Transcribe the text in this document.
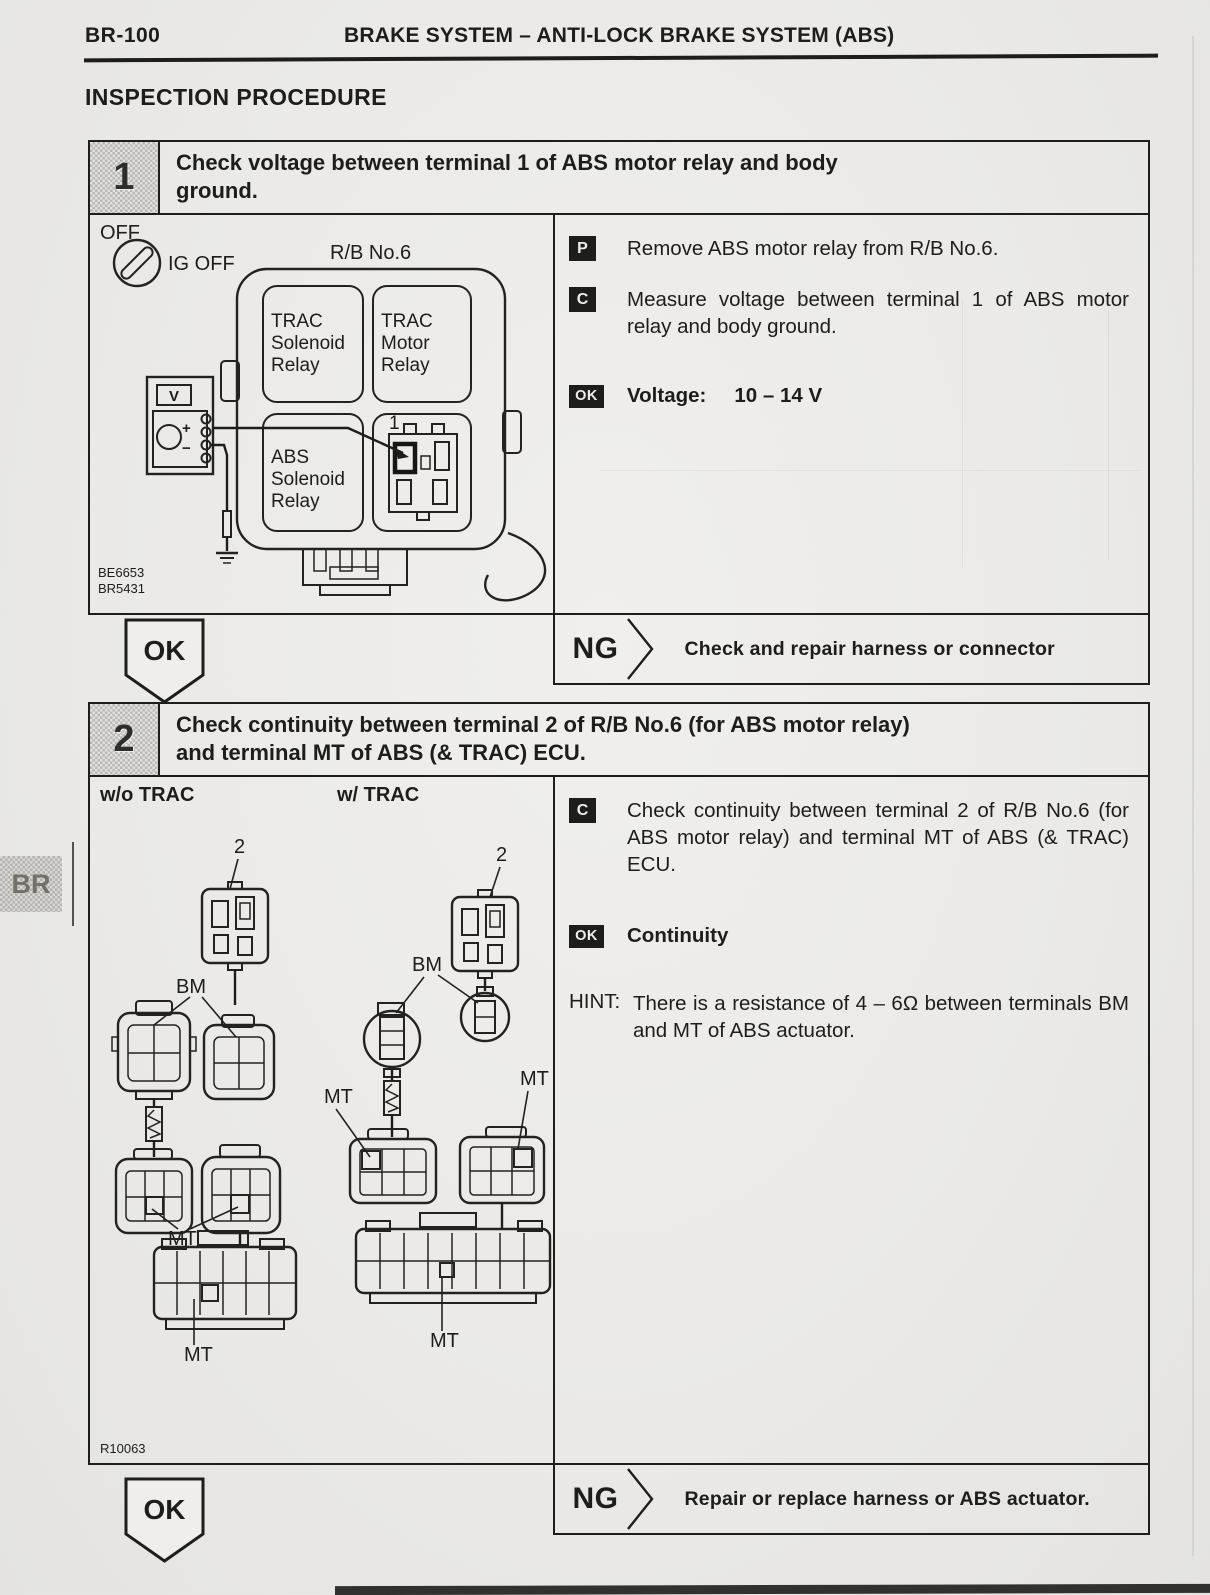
BR-100	BRAKE SYSTEM – ANTI-LOCK BRAKE SYSTEM (ABS)
INSPECTION PROCEDURE
1	Check voltage between terminal 1 of ABS motor relay and body
ground.
OFF
IG OFF	R/B No.6
TRAC
Solenoid
Relay
TRAC
Motor
Relay
ABS
Solenoid
Relay
1
V
+
−
BE6653
BR5431
P	Remove ABS motor relay from R/B No.6.
C	Measure voltage between terminal 1 of ABS motor relay and body ground.
OK	Voltage: 10 – 14 V
NG	Check and repair harness or connector
OK
2	Check continuity between terminal 2 of R/B No.6 (for ABS motor relay)
and terminal MT of ABS (& TRAC) ECU.
w/o TRAC	w/ TRAC
2
BM
MT
MT
2
BM
MT
MT
MT
R10063
C	Check continuity between terminal 2 of R/B No.6 (for ABS motor relay) and terminal MT of ABS (& TRAC) ECU.
OK	Continuity
HINT: There is a resistance of 4 – 6Ω between terminals BM and MT of ABS actuator.
NG	Repair or replace harness or ABS actuator.
OK
BR
